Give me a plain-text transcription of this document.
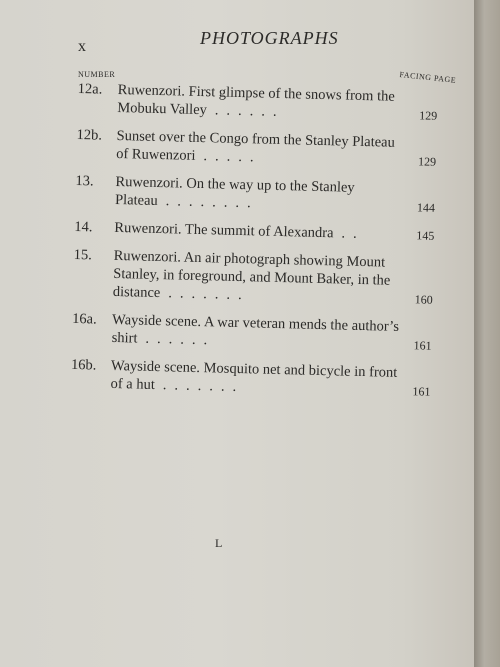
x	PHOTOGRAPHS
NUMBER	FACING PAGE
12a.	Ruwenzori. First glimpse of the snows from the Mobuku Valley ......	129
12b. Sunset over the Congo from the Stanley Plateau of Ruwenzori .....	129
13.	Ruwenzori. On the way up to the Stanley Plateau ........	144
14.	Ruwenzori. The summit of Alexandra ..	145
15.	Ruwenzori. An air photograph showing Mount Stanley, in foreground, and Mount Baker, in the distance .......	160
16a.	Wayside scene. A war veteran mends the author’s shirt ......	161
16b. Wayside scene. Mosquito net and bicycle in front of a hut .......	161
L
